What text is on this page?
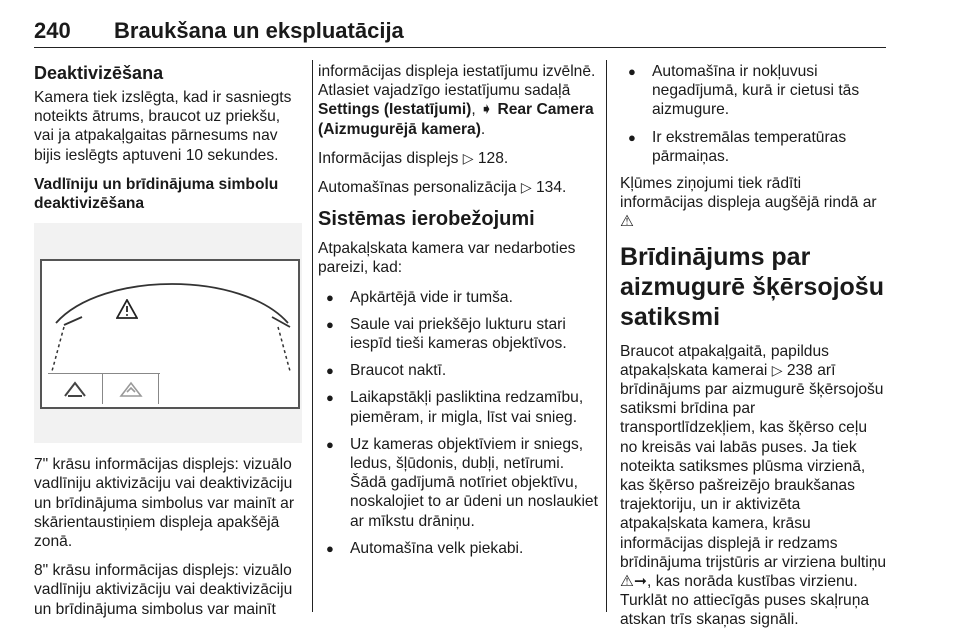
240 Braukšana un ekspluatācija
Deaktivizēšana

Kamera tiek izslēgta, kad ir sasniegts noteikts ātrums, braucot uz priekšu, vai ja atpakaļgaitas pārnesums nav bijis ieslēgts aptuveni 10 sekundes.

Vadlīniju un brīdinājuma simbolu deaktivizēšana

7" krāsu informācijas displejs: vizuālo vadlīniju aktivizāciju vai deaktivizāciju un brīdinājuma simbolus var mainīt ar skārientaustiņiem displeja apakšējā zonā.

8" krāsu informācijas displejs: vizuālo vadlīniju aktivizāciju vai deaktivizāciju un brīdinājuma simbolus var mainīt

informācijas displeja iestatījumu izvēlnē. Atlasiet vajadzīgo iestatījumu sadaļā Settings (Iestatījumi), ➧ Rear Camera (Aizmugurējā kamera).

Informācijas displejs ▷ 128.

Automašīnas personalizācija ▷ 134.

Sistēmas ierobežojumi

Atpakaļskata kamera var nedarboties pareizi, kad:

● Apkārtējā vide ir tumša.
● Saule vai priekšējo lukturu stari iespīd tieši kameras objektīvos.
● Braucot naktī.
● Laikapstākļi pasliktina redzamību, piemēram, ir migla, līst vai snieg.
● Uz kameras objektīviem ir sniegs, ledus, šļūdonis, dubļi, netīrumi. Šādā gadījumā notīriet objektīvu, noskalojiet to ar ūdeni un noslaukiet ar mīkstu drāniņu.
● Automašīna velk piekabi.
● Automašīna ir nokļuvusi negadījumā, kurā ir cietusi tās aizmugure.
● Ir ekstremālas temperatūras pārmaiņas.

Kļūmes ziņojumi tiek rādīti informācijas displeja augšējā rindā ar ⚠

Brīdinājums par aizmugurē šķērsojošu satiksmi

Braucot atpakaļgaitā, papildus atpakaļskata kamerai ▷ 238 arī brīdinājums par aizmugurē šķērsojošu satiksmi brīdina par transportlīdzekļiem, kas šķērso ceļu no kreisās vai labās puses. Ja tiek noteikta satiksmes plūsma virzienā, kas šķērso pašreizējo braukšanas trajektoriju, un ir aktivizēta atpakaļskata kamera, krāsu informācijas displejā ir redzams brīdinājuma trijstūris ar virziena bultiņu ⚠➞, kas norāda kustības virzienu. Turklāt no attiecīgās puses skaļruņa atskan trīs skaņas signāli.
